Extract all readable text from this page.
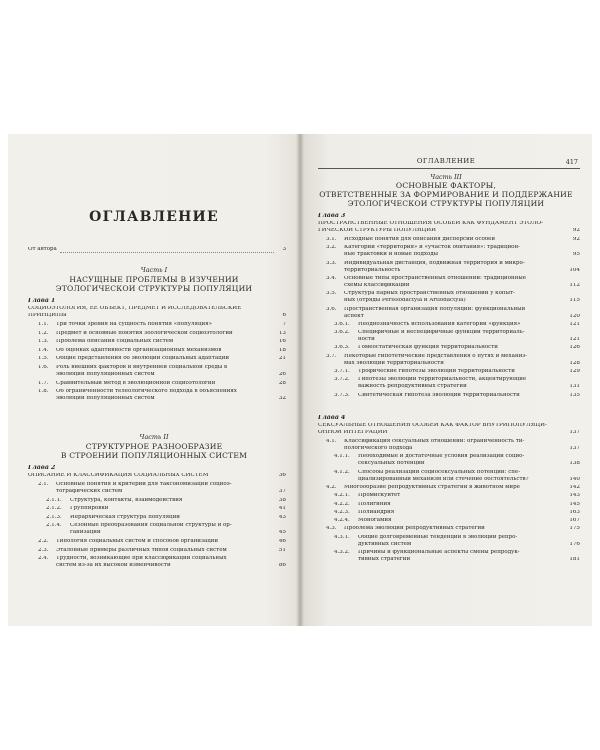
ОГЛАВЛЕНИЕ
От автора	3
Часть I
НАСУЩНЫЕ ПРОБЛЕМЫ В ИЗУЧЕНИИ
ЭТОЛОГИЧЕСКОЙ СТРУКТУРЫ ПОПУЛЯЦИЙ
Глава 1
СОЦИОЭТОЛОГИЯ, ЕЕ ОБЪЕКТ, ПРЕДМЕТ И ИССЛЕДОВАТЕЛЬСКИЕ
ПРИНЦИПЫ	6
1.1. Три точки зрения на сущность понятия «популяция»	7
1.2. Предмет и основные понятия зоологической социоэтологии	13
1.3. Проблема описания социальных систем	16
1.4. Об оценках адаптивности организационных механизмов	18
1.5. Общие представления об эволюции социальных адаптаций	21
1.6. Роль внешних факторов и внутренней социальной среды в
эволюции популяционных систем	26
1.7. Сравнительный метод в эволюционной социоэтологии	28
1.8. Об ограниченности телеологического подхода в объяснениях
эволюции популяционных систем	32
Часть II
СТРУКТУРНОЕ РАЗНООБРАЗИЕ
В СТРОЕНИИ ПОПУЛЯЦИОННЫХ СИСТЕМ
Глава 2
ОПИСАНИЕ И КЛАССИФИКАЦИЯ СОЦИАЛЬНЫХ СИСТЕМ	36
2.1. Основные понятия и критерии для таксономизации социоэ-
тографических систем	37
2.1.1. Структура, контакты, взаимодействия	38
2.1.2. Группировки	41
2.1.3. Иерархическая структура популяции	43
2.1.4. Сезонные преобразования социальной структуры и ор-
ганизации	45
2.2. Типология социальных систем и способов организации	46
2.3. Эталонные примеры различных типов социальных систем	51
2.4. Трудности, возникающие при классификации социальных
систем из-за их высокой изменчивости	86
ОГЛАВЛЕНИЕ	417
Часть III
ОСНОВНЫЕ ФАКТОРЫ,
ОТВЕТСТВЕННЫЕ ЗА ФОРМИРОВАНИЕ И ПОДДЕРЖАНИЕ
ЭТОЛОГИЧЕСКОЙ СТРУКТУРЫ ПОПУЛЯЦИЙ
Глава 3
ПРОСТРАНСТВЕННЫЕ ОТНОШЕНИЯ ОСОБЕЙ КАК ФУНДАМЕНТ ЭТОЛО-
ГИЧЕСКОЙ СТРУКТУРЫ ПОПУЛЯЦИИ	92
3.1. Исходные понятия для описания дисперсии особей	92
3.2. Категории «территория» и «участок обитания»: традицион-
ные трактовки и новые подходы	95
3.3. Индивидуальная дистанция, подвижная территория и микро-
территориальность	104
3.4. Основные типы пространственных отношений: традиционные
схемы классификации	112
3.5. Структура парных пространственных отношений у копыт-
ных (отряды Perissodactyla и Artiodactyla)	115
3.6. Пространственная организация популяции: функциональный
аспект	120
3.6.1. Неоднозначность использования категории «функция»	121
3.6.2. Специфичные и неспецифичные функции территориаль-
ности	121
3.6.3. Гомеостатическая функция территориальности	126
3.7. Некоторые гипотетические представления о путях и механиз-
мах эволюции территориальности	128
3.7.1. Трофические гипотезы эволюции территориальности	129
3.7.2. Гипотезы эволюции территориальности, акцентирующие
важность репродуктивных стратегий	131
3.7.3. Синтетическая гипотеза эволюции территориальности	135
Глава 4
СЕКСУАЛЬНЫЕ ОТНОШЕНИЯ ОСОБЕЙ КАК ФАКТОР ВНУТРИПОПУЛЯЦИ-
ОННОЙ ИНТЕГРАЦИИ	137
4.1. Классификация сексуальных отношений: ограниченность ти-
пологического подхода	137
4.1.1. Необходимые и достаточные условия реализации социо-
сексуальных потенций	138
4.1.2. Способы реализации социосексуальных потенций: спе-
циализированный механизм или стечение обстоятельств?	140
4.2. Многообразие репродуктивных стратегий в животном мире	142
4.2.1. Промискуитет	143
4.2.2. Полигиния	145
4.2.3. Полиандрия	163
4.2.4. Моногамия	167
4.3. Проблема эволюции репродуктивных стратегий	175
4.3.1. Общие долговременные тенденции в эволюции репро-
дуктивных систем	176
4.3.2. Причины и функциональные аспекты смены репродук-
тивных стратегий	181
